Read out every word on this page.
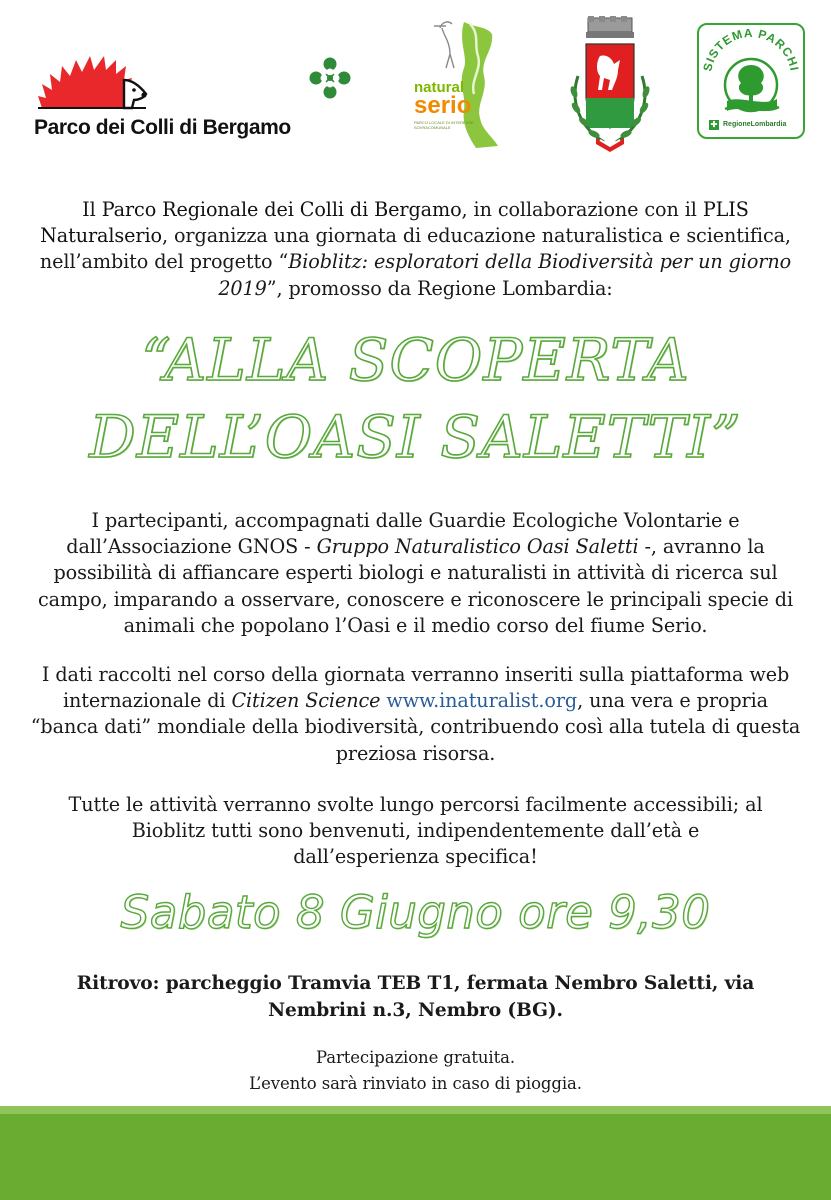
Parco dei Colli di Bergamo
natural
serio
PARCO LOCALE DI INTERESSE SOVRACOMUNALE
SISTEMA PARCHI
✚ RegioneLombardia

Il Parco Regionale dei Colli di Bergamo, in collaborazione con il PLIS Naturalserio, organizza una giornata di educazione naturalistica e scientifica, nell’ambito del progetto “Bioblitz: esploratori della Biodiversità per un giorno 2019”, promosso da Regione Lombardia:

“ALLA SCOPERTA
DELL’OASI SALETTI”

I partecipanti, accompagnati dalle Guardie Ecologiche Volontarie e dall’Associazione GNOS - Gruppo Naturalistico Oasi Saletti -, avranno la possibilità di affiancare esperti biologi e naturalisti in attività di ricerca sul campo, imparando a osservare, conoscere e riconoscere le principali specie di animali che popolano l’Oasi e il medio corso del fiume Serio.

I dati raccolti nel corso della giornata verranno inseriti sulla piattaforma web internazionale di Citizen Science www.inaturalist.org, una vera e propria “banca dati” mondiale della biodiversità, contribuendo così alla tutela di questa preziosa risorsa.

Tutte le attività verranno svolte lungo percorsi facilmente accessibili; al
Bioblitz tutti sono benvenuti, indipendentemente dall’età e
dall’esperienza specifica!

Sabato 8 Giugno ore 9,30

Ritrovo: parcheggio Tramvia TEB T1, fermata Nembro Saletti, via
Nembrini n.3, Nembro (BG).

Partecipazione gratuita.
L’evento sarà rinviato in caso di pioggia.
